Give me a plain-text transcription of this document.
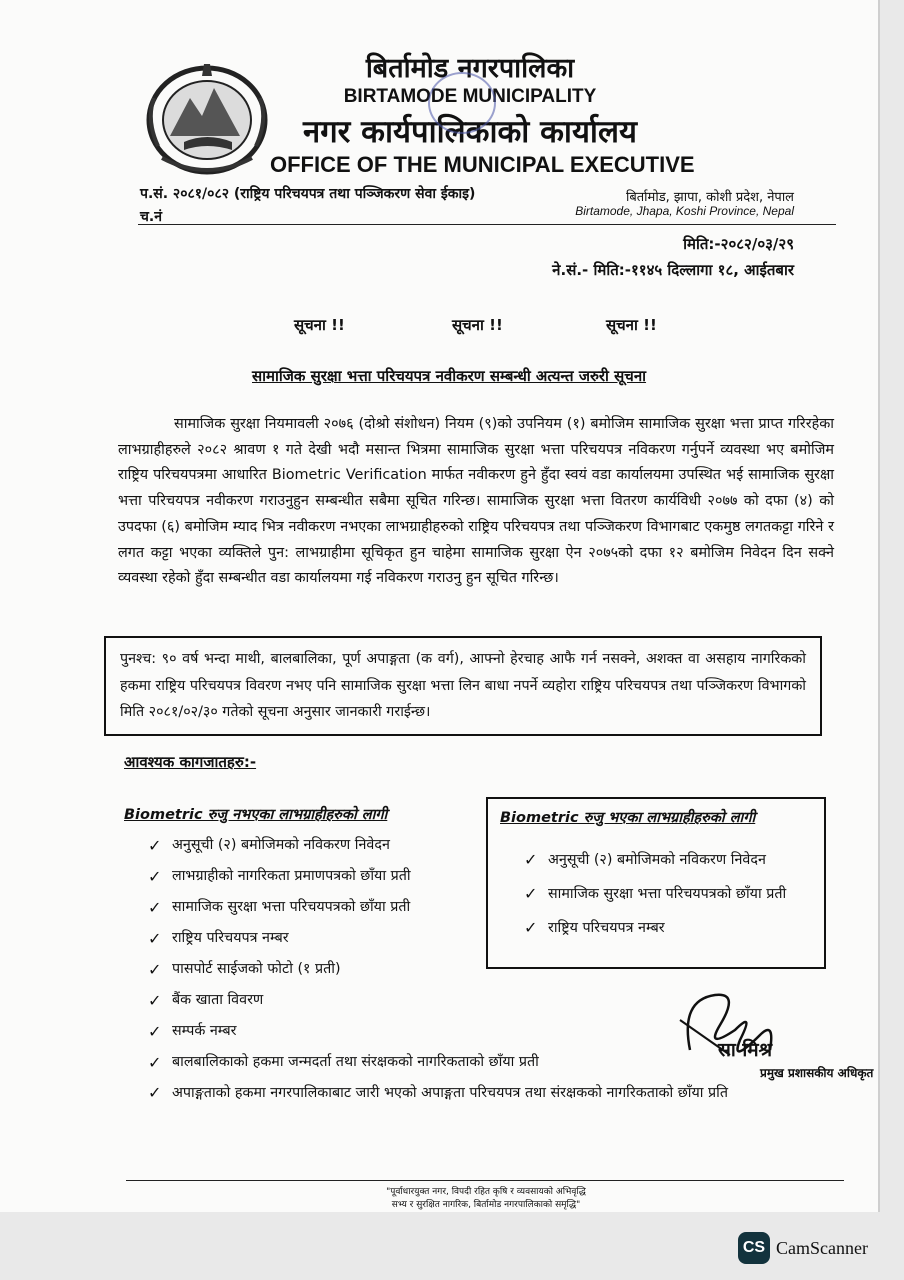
बिर्तामोड नगरपालिका
BIRTAMODE MUNICIPALITY
नगर कार्यपालिकाको कार्यालय
OFFICE OF THE MUNICIPAL EXECUTIVE
प.सं. २०८१/०८२ (राष्ट्रिय परिचयपत्र तथा पञ्जिकरण सेवा ईकाइ)
च.नं
बिर्तामोड, झापा, कोशी प्रदेश, नेपाल
Birtamode, Jhapa, Koshi Province, Nepal
मिति:-२०८२/०३/२९
ने.सं.- मिति:-११४५ दिल्लागा १८, आईतबार
सूचना !!	सूचना !!	सूचना !!
सामाजिक सुरक्षा भत्ता परिचयपत्र नवीकरण सम्बन्धी अत्यन्त जरुरी सूचना
सामाजिक सुरक्षा नियमावली २०७६ (दोश्रो संशोधन) नियम (९)को उपनियम (१) बमोजिम सामाजिक सुरक्षा भत्ता प्राप्त गरिरहेका लाभग्राहीहरुले २०८२ श्रावण १ गते देखी भदौ मसान्त भित्रमा सामाजिक सुरक्षा भत्ता परिचयपत्र नविकरण गर्नुपर्ने व्यवस्था भए बमोजिम राष्ट्रिय परिचयपत्रमा आधारित Biometric Verification मार्फत नवीकरण हुने हुँदा स्वयं वडा कार्यालयमा उपस्थित भई सामाजिक सुरक्षा भत्ता परिचयपत्र नवीकरण गराउनुहुन सम्बन्धीत सबैमा सूचित गरिन्छ। सामाजिक सुरक्षा भत्ता वितरण कार्यविधी २०७७ को दफा (४) को उपदफा (६) बमोजिम म्याद भित्र नवीकरण नभएका लाभग्राहीहरुको राष्ट्रिय परिचयपत्र तथा पञ्जिकरण विभागबाट एकमुष्ठ लगतकट्टा गरिने र लगत कट्टा भएका व्यक्तिले पुन: लाभग्राहीमा सूचिकृत हुन चाहेमा सामाजिक सुरक्षा ऐन २०७५को दफा १२ बमोजिम निवेदन दिन सक्ने व्यवस्था रहेको हुँदा सम्बन्धीत वडा कार्यालयमा गई नविकरण गराउनु हुन सूचित गरिन्छ।
पुनश्च: ९० वर्ष भन्दा माथी, बालबालिका, पूर्ण अपाङ्गता (क वर्ग), आफ्नो हेरचाह आफै गर्न नसक्ने, अशक्त वा असहाय नागरिकको हकमा राष्ट्रिय परिचयपत्र विवरण नभए पनि सामाजिक सुरक्षा भत्ता लिन बाधा नपर्ने व्यहोरा राष्ट्रिय परिचयपत्र तथा पञ्जिकरण विभागको मिति २०८१/०२/३० गतेको सूचना अनुसार जानकारी गराईन्छ।
आवश्यक कागजातहरु:-
Biometric रुजु नभएका लाभग्राहीहरुको लागी
✓ अनुसूची (२) बमोजिमको नविकरण निवेदन
✓ लाभग्राहीको नागरिकता प्रमाणपत्रको छाँया प्रती
✓ सामाजिक सुरक्षा भत्ता परिचयपत्रको छाँया प्रती
✓ राष्ट्रिय परिचयपत्र नम्बर
✓ पासपोर्ट साईजको फोटो (१ प्रती)
✓ बैंक खाता विवरण
✓ सम्पर्क नम्बर
✓ बालबालिकाको हकमा जन्मदर्ता तथा संरक्षकको नागरिकताको छाँया प्रती
✓ अपाङ्गताको हकमा नगरपालिकाबाट जारी भएको अपाङ्गता परिचयपत्र तथा संरक्षकको नागरिकताको छाँया प्रति
Biometric रुजु भएका लाभग्राहीहरुको लागी
✓ अनुसूची (२) बमोजिमको नविकरण निवेदन
✓ सामाजिक सुरक्षा भत्ता परिचयपत्रको छाँया प्रती
✓ राष्ट्रिय परिचयपत्र नम्बर
सा मिश्र
प्रमुख प्रशासकीय अधिकृत
"पूर्वाधारयुक्त नगर, विपदी रहित कृषि र व्यवसायको अभिवृद्धि
सभ्य र सुरक्षित नागरिक, बिर्तामोड नगरपालिकाको समृद्धि"
CS CamScanner
